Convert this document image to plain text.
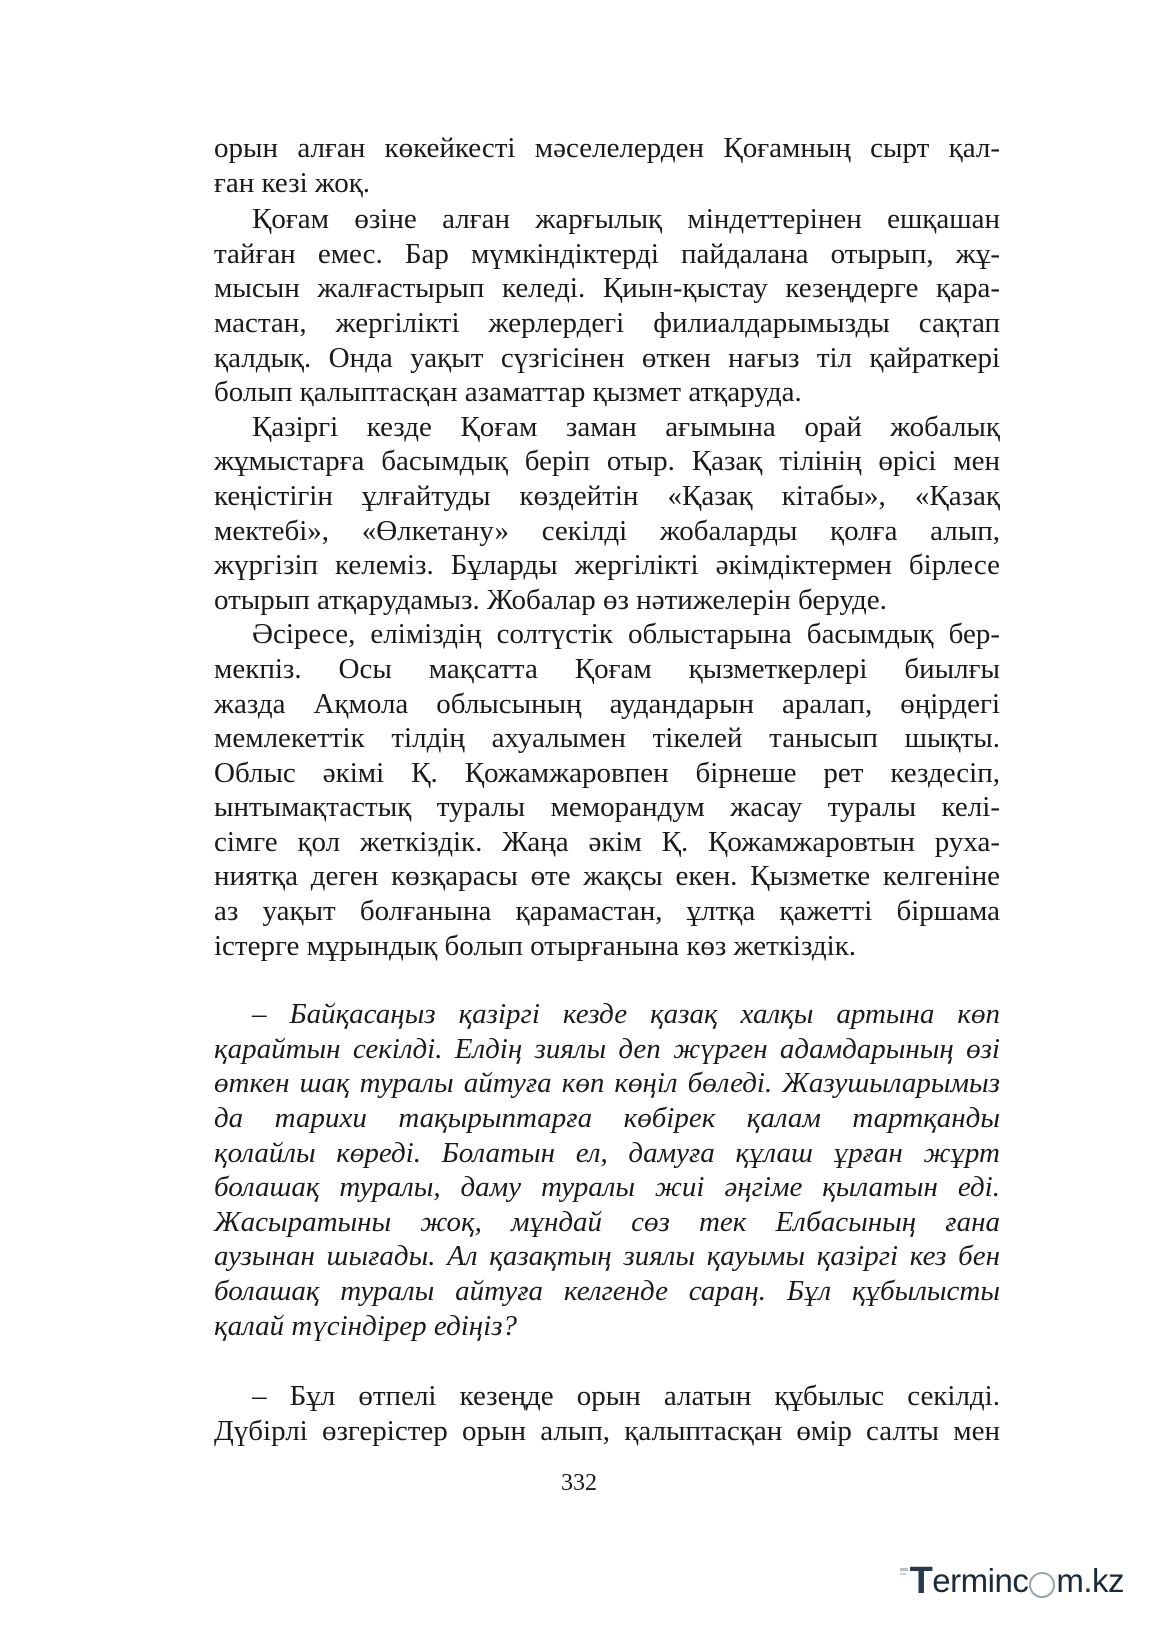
орын алған көкейкесті мәселелерден Қоғамның сырт қал-
ған кезі жоқ.
Қоғам өзіне алған жарғылық міндеттерінен ешқашан
тайған емес. Бар мүмкіндіктерді пайдалана отырып, жұ-
мысын жалғастырып келеді. Қиын-қыстау кезеңдерге қара-
мастан, жергілікті жерлердегі филиалдарымызды сақтап
қалдық. Онда уақыт сүзгісінен өткен нағыз тіл қайраткері
болып қалыптасқан азаматтар қызмет атқаруда.
Қазіргі кезде Қоғам заман ағымына орай жобалық
жұмыстарға басымдық беріп отыр. Қазақ тілінің өрісі мен
кеңістігін ұлғайтуды көздейтін «Қазақ кітабы», «Қазақ
мектебі», «Өлкетану» секілді жобаларды қолға алып,
жүргізіп келеміз. Бұларды жергілікті әкімдіктермен бірлесе
отырып атқарудамыз. Жобалар өз нәтижелерін беруде.
Әсіресе, еліміздің солтүстік облыстарына басымдық бер-
мекпіз. Осы мақсатта Қоғам қызметкерлері биылғы
жазда Ақмола облысының аудандарын аралап, өңірдегі
мемлекеттік тілдің ахуалымен тікелей танысып шықты.
Облыс әкімі Қ. Қожамжаровпен бірнеше рет кездесіп,
ынтымақтастық туралы меморандум жасау туралы келі-
сімге қол жеткіздік. Жаңа әкім Қ. Қожамжаровтын руха-
ниятқа деген көзқарасы өте жақсы екен. Қызметке келгеніне
аз уақыт болғанына қарамастан, ұлтқа қажетті біршама
істерге мұрындық болып отырғанына көз жеткіздік.
– Байқасаңыз қазіргі кезде қазақ халқы артына көп
қарайтын секілді. Елдің зиялы деп жүрген адамдарының өзі
өткен шақ туралы айтуға көп көңіл бөледі. Жазушыларымыз
да тарихи тақырыптарға көбірек қалам тартқанды
қолайлы көреді. Болатын ел, дамуға құлаш ұрған жұрт
болашақ туралы, даму туралы жиі әңгіме қылатын еді.
Жасыратыны жоқ, мұндай сөз тек Елбасының ғана
аузынан шығады. Ал қазақтың зиялы қауымы қазіргі кез бен
болашақ туралы айтуға келгенде сараң. Бұл құбылысты
қалай түсіндірер едіңіз?
– Бұл өтпелі кезеңде орын алатын құбылыс секілді.
Дүбірлі өзгерістер орын алып, қалыптасқан өмір салты мен
332
T erminc m.kz
